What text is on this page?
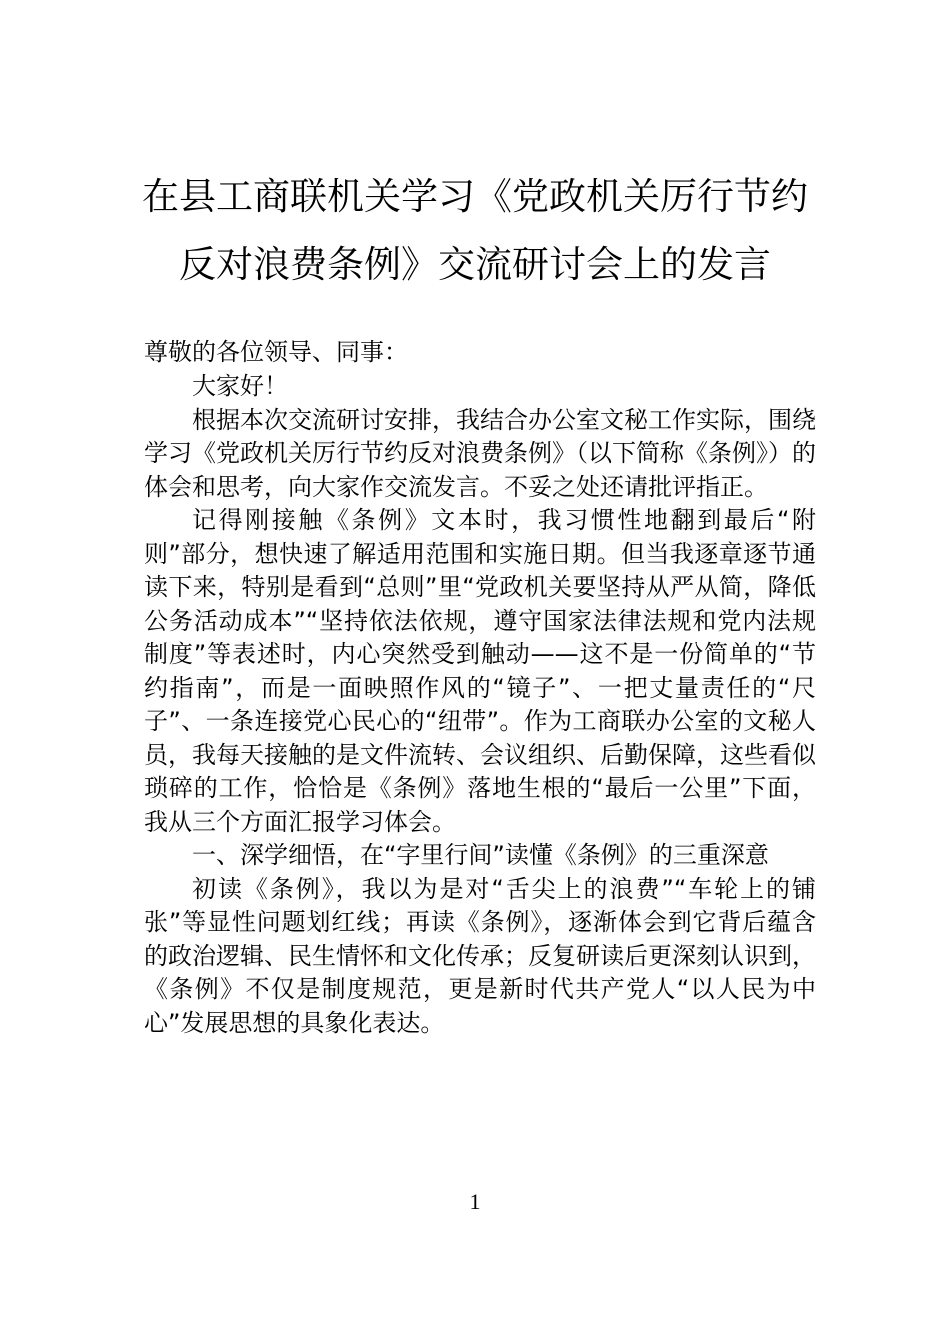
在县工商联机关学习《党政机关厉行节约
反对浪费条例》交流研讨会上的发言

尊敬的各位领导、同事：

大家好！

根据本次交流研讨安排，我结合办公室文秘工作实际，围绕学习《党政机关厉行节约反对浪费条例》（以下简称《条例》）的体会和思考，向大家作交流发言。不妥之处还请批评指正。

记得刚接触《条例》文本时，我习惯性地翻到最后“附则”部分，想快速了解适用范围和实施日期。但当我逐章逐节通读下来，特别是看到“总则”里“党政机关要坚持从严从简，降低公务活动成本”“坚持依法依规，遵守国家法律法规和党内法规制度”等表述时，内心突然受到触动——这不是一份简单的“节约指南”，而是一面映照作风的“镜子”、一把丈量责任的“尺子”、一条连接党心民心的“纽带”。作为工商联办公室的文秘人员，我每天接触的是文件流转、会议组织、后勤保障，这些看似琐碎的工作，恰恰是《条例》落地生根的“最后一公里”下面，我从三个方面汇报学习体会。

一、深学细悟，在“字里行间”读懂《条例》的三重深意

初读《条例》，我以为是对“舌尖上的浪费”“车轮上的铺张”等显性问题划红线；再读《条例》，逐渐体会到它背后蕴含的政治逻辑、民生情怀和文化传承；反复研读后更深刻认识到，《条例》不仅是制度规范，更是新时代共产党人“以人民为中心”发展思想的具象化表达。

1
